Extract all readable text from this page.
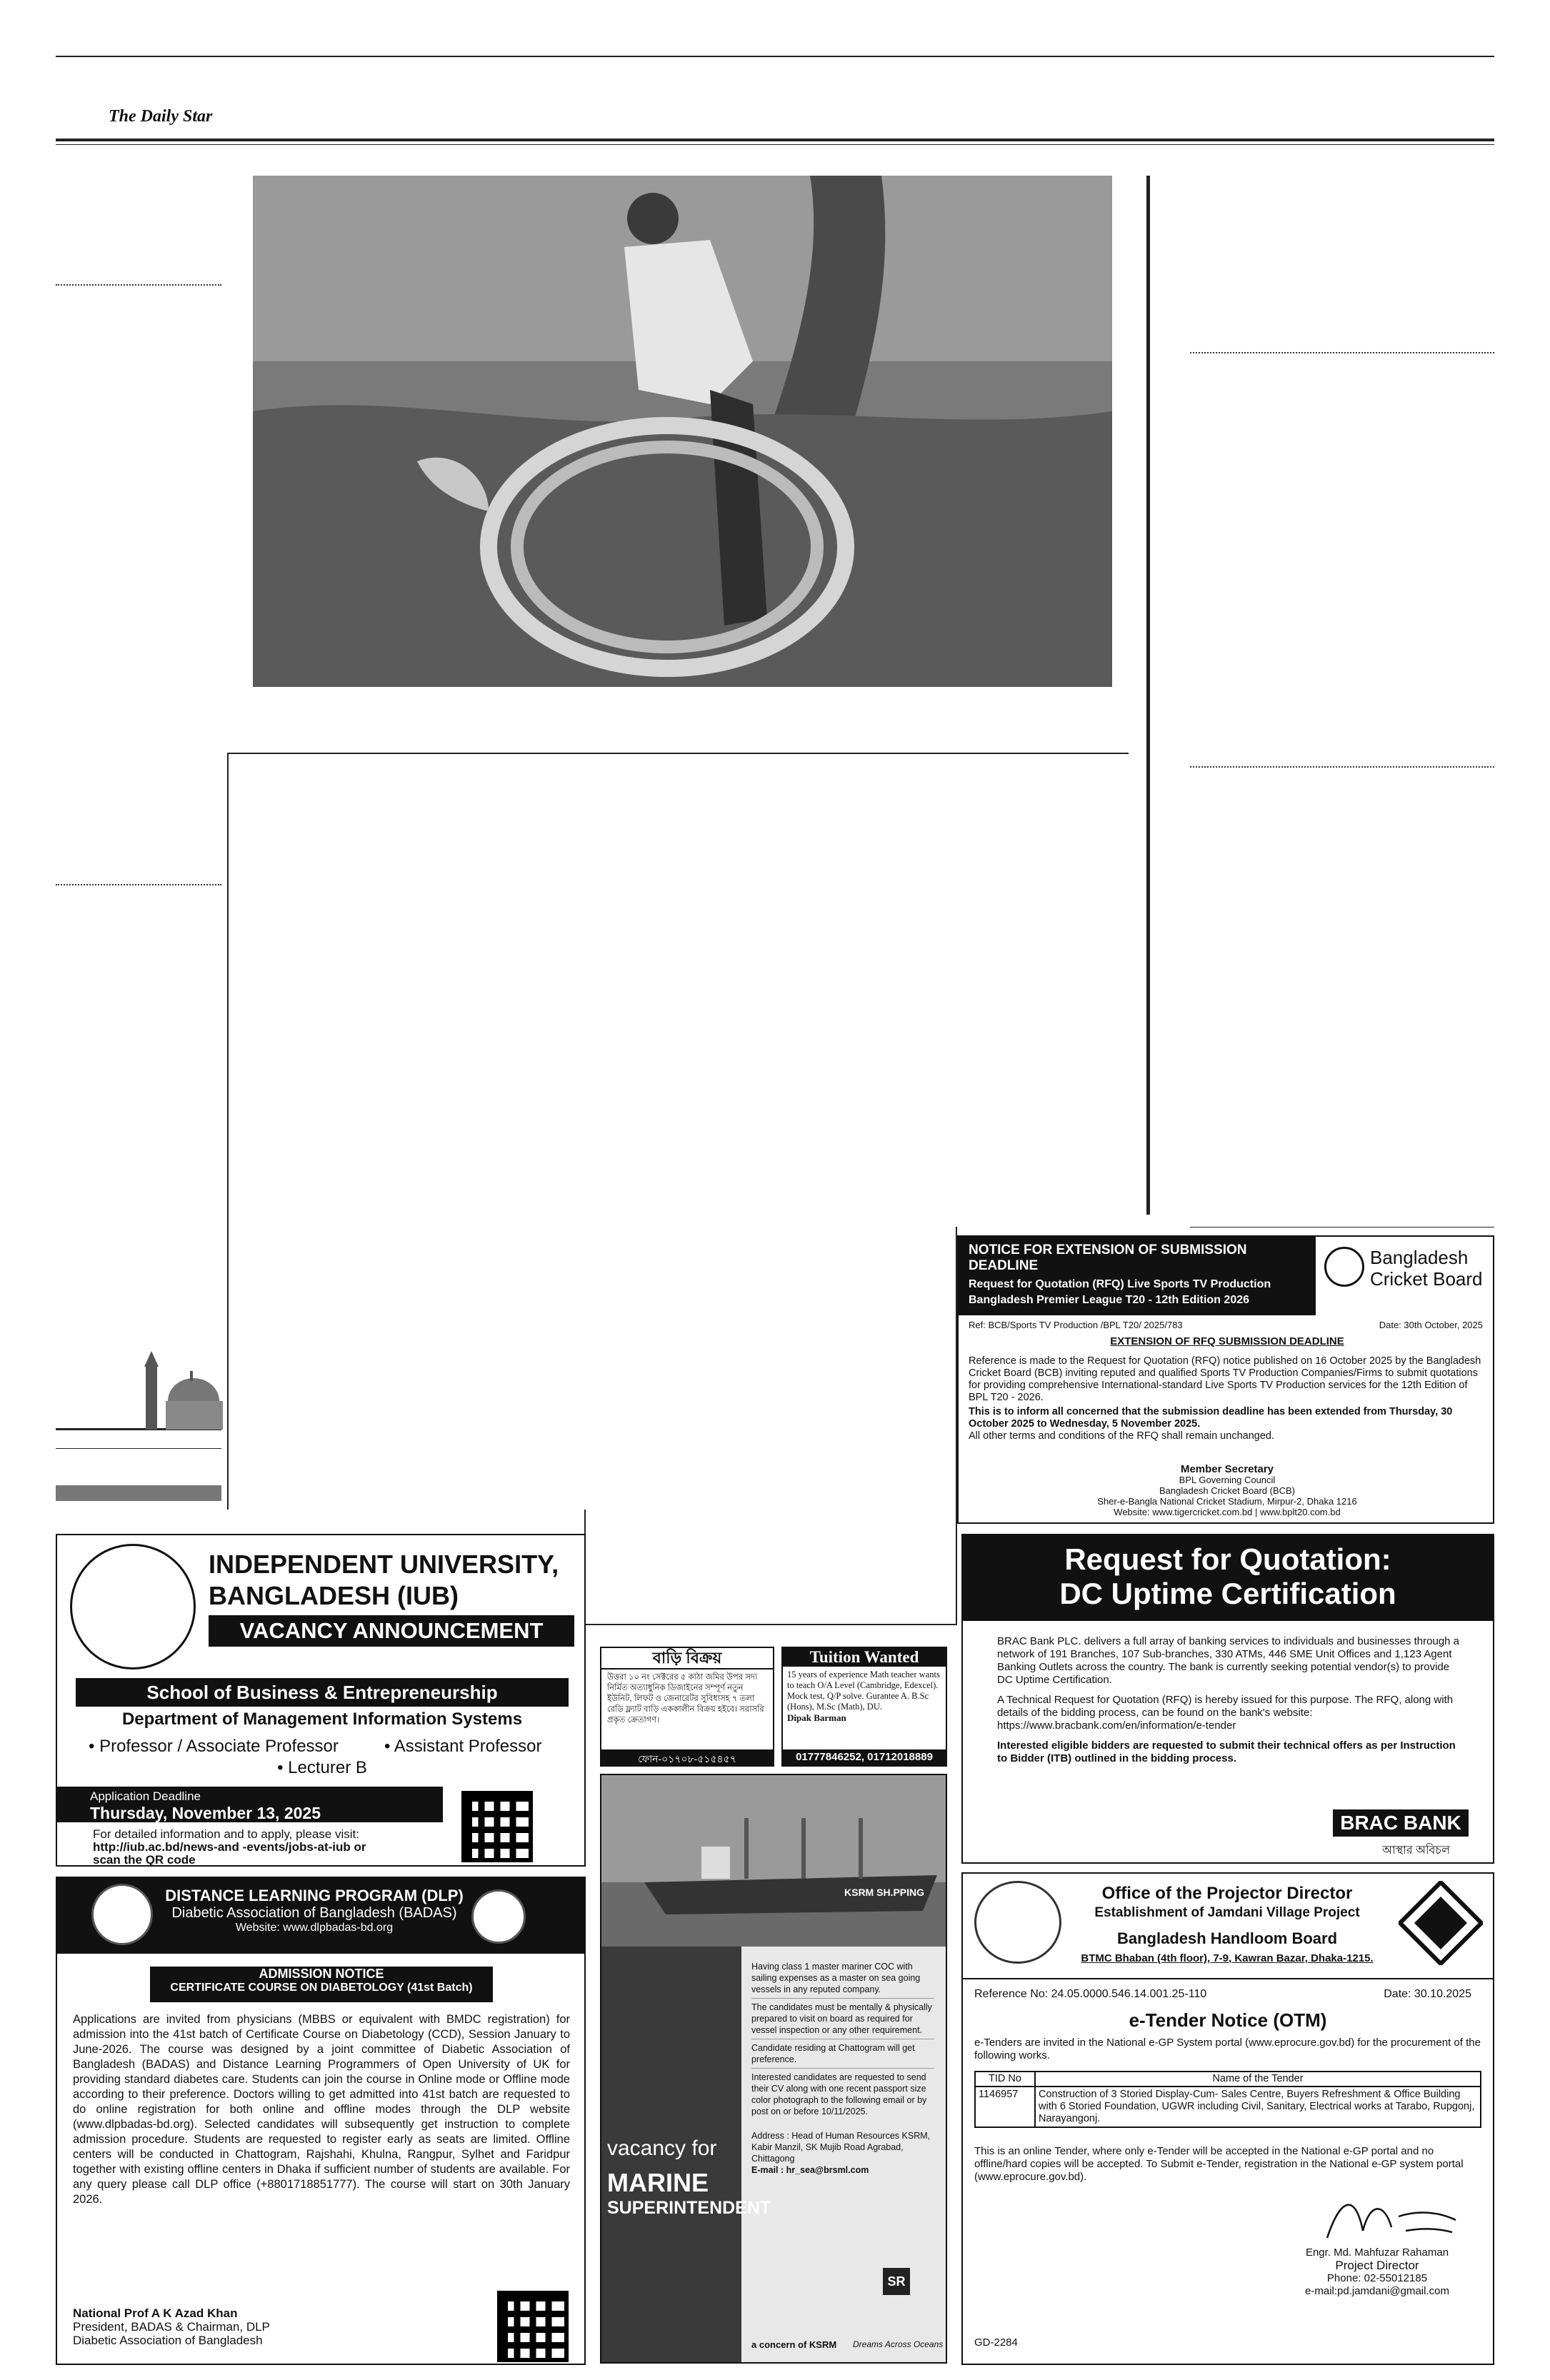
The Daily Star
NOTICE FOR EXTENSION OF SUBMISSION DEADLINE
Request for Quotation (RFQ) Live Sports TV Production
Bangladesh Premier League T20 - 12th Edition 2026
Bangladesh
Cricket Board
Ref: BCB/Sports TV Production /BPL T20/ 2025/783	Date: 30th October, 2025
EXTENSION OF RFQ SUBMISSION DEADLINE

Reference is made to the Request for Quotation (RFQ) notice published on 16 October 2025 by the Bangladesh Cricket Board (BCB) inviting reputed and qualified Sports TV Production Companies/Firms to submit quotations for providing comprehensive International-standard Live Sports TV Production services for the 12th Edition of BPL T20 - 2026.

This is to inform all concerned that the submission deadline has been extended from Thursday, 30 October 2025 to Wednesday, 5 November 2025.

All other terms and conditions of the RFQ shall remain unchanged.

Member Secretary
BPL Governing Council
Bangladesh Cricket Board (BCB)
Sher-e-Bangla National Cricket Stadium, Mirpur-2, Dhaka 1216
Website: www.tigercricket.com.bd | www.bplt20.com.bd
INDEPENDENT UNIVERSITY,
BANGLADESH (IUB)
VACANCY ANNOUNCEMENT
School of Business & Entrepreneurship
Department of Management Information Systems
• Professor / Associate Professor	• Assistant Professor
• Lecturer B
Application Deadline
Thursday, November 13, 2025
For detailed information and to apply, please visit:
http://iub.ac.bd/news-and -events/jobs-at-iub or
scan the QR code
বাড়ি বিক্রয়
উত্তরা ১০ নং সেক্টরের ৫ কাঠা জমির উপর সদ্য নির্মিত অত্যাধুনিক ডিজাইনের সম্পূর্ণ নতুন ইউনিট, লিফট ও জেনারেটর সুবিধাসহ ৭ তলা রেডি ফ্ল্যাট বাড়ি এককালীন বিক্রয় হইবে। সরাসরি প্রকৃত ক্রেতাগণ।
ফোন-০১৭০৮-৫১৫৪৫৭
Tuition Wanted
15 years of experience Math teacher wants to teach O/A Level (Cambridge, Edexcel). Mock test, Q/P solve. Gurantee A. B.Sc (Hons), M.Sc (Math), DU.
Dipak Barman
01777846252, 01712018889
Request for Quotation:
DC Uptime Certification

BRAC Bank PLC. delivers a full array of banking services to individuals and businesses through a network of 191 Branches, 107 Sub-branches, 330 ATMs, 446 SME Unit Offices and 1,123 Agent Banking Outlets across the country. The bank is currently seeking potential vendor(s) to provide DC Uptime Certification.

A Technical Request for Quotation (RFQ) is hereby issued for this purpose. The RFQ, along with details of the bidding process, can be found on the bank's website: https://www.bracbank.com/en/information/e-tender

Interested eligible bidders are requested to submit their technical offers as per Instruction to Bidder (ITB) outlined in the bidding process.

BRAC BANK
আস্থার অবিচল
KSRM SH.PPING
vacancy for
MARINE
SUPERINTENDENT

Having class 1 master mariner COC with sailing expenses as a master on sea going vessels in any reputed company.

The candidates must be mentally & physically prepared to visit on board as required for vessel inspection or any other requirement.

Candidate residing at Chattogram will get preference.

Interested candidates are requested to send their CV along with one recent passport size color photograph to the following email or by post on or before 10/11/2025.

Address : Head of Human Resources KSRM, Kabir Manzil, SK Mujib Road Agrabad, Chittagong

E-mail : hr_sea@brsml.com

SR
a concern of KSRM Dreams Across Oceans
DISTANCE LEARNING PROGRAM (DLP)
Diabetic Association of Bangladesh (BADAS)
Website: www.dlpbadas-bd.org
ADMISSION NOTICE
CERTIFICATE COURSE ON DIABETOLOGY (41st Batch)
Applications are invited from physicians (MBBS or equivalent with BMDC registration) for admission into the 41st batch of Certificate Course on Diabetology (CCD), Session January to June-2026. The course was designed by a joint committee of Diabetic Association of Bangladesh (BADAS) and Distance Learning Programmers of Open University of UK for providing standard diabetes care. Students can join the course in Online mode or Offline mode according to their preference. Doctors willing to get admitted into 41st batch are requested to do online registration for both online and offline modes through the DLP website (www.dlpbadas-bd.org). Selected candidates will subsequently get instruction to complete admission procedure. Students are requested to register early as seats are limited. Offline centers will be conducted in Chattogram, Rajshahi, Khulna, Rangpur, Sylhet and Faridpur together with existing offline centers in Dhaka if sufficient number of students are available. For any query please call DLP office (+8801718851777). The course will start on 30th January 2026.
National Prof A K Azad Khan
President, BADAS & Chairman, DLP
Diabetic Association of Bangladesh
Office of the Projector Director
Establishment of Jamdani Village Project
Bangladesh Handloom Board
BTMC Bhaban (4th floor), 7-9, Kawran Bazar, Dhaka-1215.
Reference No: 24.05.0000.546.14.001.25-110	Date: 30.10.2025
e-Tender Notice (OTM)
e-Tenders are invited in the National e-GP System portal (www.eprocure.gov.bd) for the procurement of the following works.
TID No	Name of the Tender
1146957	Construction of 3 Storied Display-Cum- Sales Centre, Buyers Refreshment & Office Building with 6 Storied Foundation, UGWR including Civil, Sanitary, Electrical works at Tarabo, Rupgonj, Narayangonj.
This is an online Tender, where only e-Tender will be accepted in the National e-GP portal and no offline/hard copies will be accepted. To Submit e-Tender, registration in the National e-GP system portal (www.eprocure.gov.bd).
Engr. Md. Mahfuzar Rahaman
Project Director
Phone: 02-55012185
e-mail:pd.jamdani@gmail.com
GD-2284
